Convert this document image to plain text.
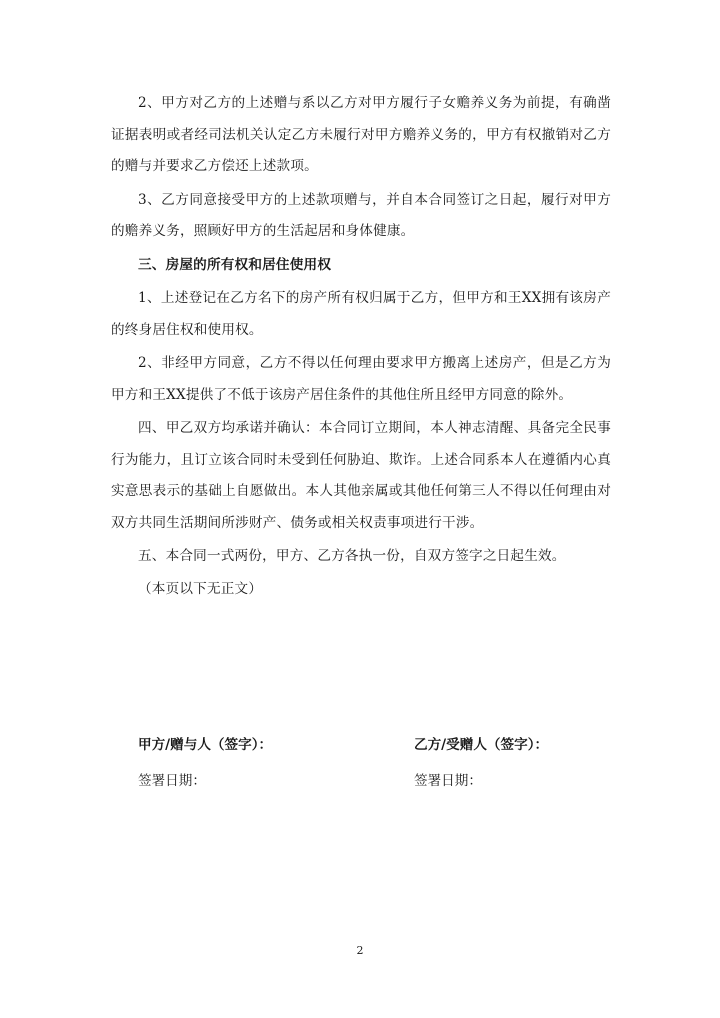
2、甲方对乙方的上述赠与系以乙方对甲方履行子女赡养义务为前提，有确凿证据表明或者经司法机关认定乙方未履行对甲方赡养义务的，甲方有权撤销对乙方的赠与并要求乙方偿还上述款项。

3、乙方同意接受甲方的上述款项赠与，并自本合同签订之日起，履行对甲方的赡养义务，照顾好甲方的生活起居和身体健康。

三、房屋的所有权和居住使用权

1、上述登记在乙方名下的房产所有权归属于乙方，但甲方和王XX拥有该房产的终身居住权和使用权。

2、非经甲方同意，乙方不得以任何理由要求甲方搬离上述房产，但是乙方为甲方和王XX提供了不低于该房产居住条件的其他住所且经甲方同意的除外。

四、甲乙双方均承诺并确认：本合同订立期间，本人神志清醒、具备完全民事行为能力，且订立该合同时未受到任何胁迫、欺诈。上述合同系本人在遵循内心真实意思表示的基础上自愿做出。本人其他亲属或其他任何第三人不得以任何理由对双方共同生活期间所涉财产、债务或相关权责事项进行干涉。

五、本合同一式两份，甲方、乙方各执一份，自双方签字之日起生效。

（本页以下无正文）

甲方/赠与人（签字）：
签署日期：
乙方/受赠人（签字）：
签署日期：
2
